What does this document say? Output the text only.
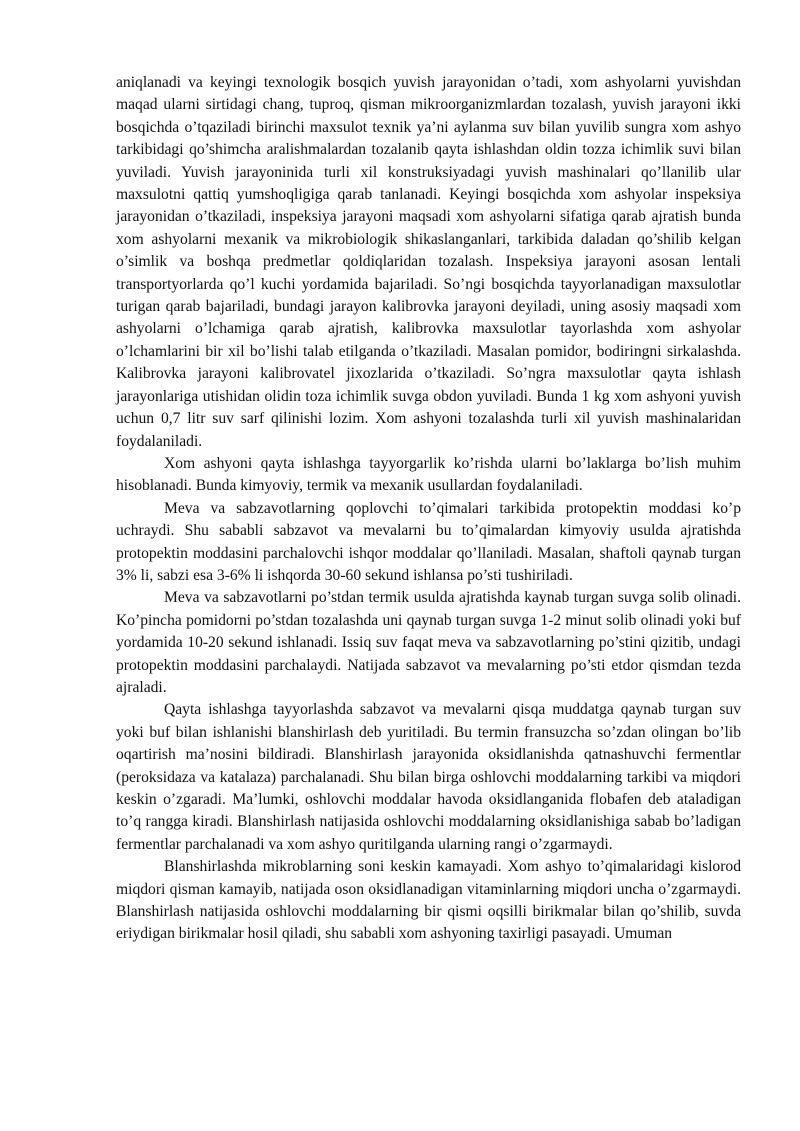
aniqlanadi va keyingi texnologik bosqich yuvish jarayonidan o’tadi, xom ashyolarni yuvishdan maqad ularni sirtidagi chang, tuproq, qisman mikroorganizmlardan tozalash, yuvish jarayoni ikki bosqichda o’tqaziladi birinchi maxsulot texnik ya’ni aylanma suv bilan yuvilib sungra xom ashyo tarkibidagi qo’shimcha aralishmalardan tozalanib qayta ishlashdan oldin tozza ichimlik suvi bilan yuviladi. Yuvish jarayoninida turli xil konstruksiyadagi yuvish mashinalari qo’llanilib ular maxsulotni qattiq yumshoqligiga qarab tanlanadi. Keyingi bosqichda xom ashyolar inspeksiya jarayonidan o’tkaziladi, inspeksiya jarayoni maqsadi xom ashyolarni sifatiga qarab ajratish bunda xom ashyolarni mexanik va mikrobiologik shikaslanganlari, tarkibida daladan qo’shilib kelgan o’simlik va boshqa predmetlar qoldiqlaridan tozalash. Inspeksiya jarayoni asosan lentali transportyorlarda qo’l kuchi yordamida bajariladi. So’ngi bosqichda tayyorlanadigan maxsulotlar turigan qarab bajariladi, bundagi jarayon kalibrovka jarayoni deyiladi, uning asosiy maqsadi xom ashyolarni o’lchamiga qarab ajratish, kalibrovka maxsulotlar tayorlashda xom ashyolar o’lchamlarini bir xil bo’lishi talab etilganda o’tkaziladi. Masalan pomidor, bodiringni sirkalashda. Kalibrovka jarayoni kalibrovatel jixozlarida o’tkaziladi. So’ngra maxsulotlar qayta ishlash jarayonlariga utishidan olidin toza ichimlik suvga obdon yuviladi. Bunda 1 kg xom ashyoni yuvish uchun 0,7 litr suv sarf qilinishi lozim. Xom ashyoni tozalashda turli xil yuvish mashinalaridan foydalaniladi.

Xom ashyoni qayta ishlashga tayyorgarlik ko’rishda ularni bo’laklarga bo’lish muhim hisoblanadi. Bunda kimyoviy, termik va mexanik usullardan foydalaniladi.

Meva va sabzavotlarning qoplovchi to’qimalari tarkibida protopektin moddasi ko’p uchraydi. Shu sababli sabzavot va mevalarni bu to’qimalardan kimyoviy usulda ajratishda protopektin moddasini parchalovchi ishqor moddalar qo’llaniladi. Masalan, shaftoli qaynab turgan 3% li, sabzi esa 3-6% li ishqorda 30-60 sekund ishlansa po’sti tushiriladi.

Meva va sabzavotlarni po’stdan termik usulda ajratishda kaynab turgan suvga solib olinadi. Ko’pincha pomidorni po’stdan tozalashda uni qaynab turgan suvga 1-2 minut solib olinadi yoki buf yordamida 10-20 sekund ishlanadi. Issiq suv faqat meva va sabzavotlarning po’stini qizitib, undagi protopektin moddasini parchalaydi. Natijada sabzavot va mevalarning po’sti etdor qismdan tezda ajraladi.

Qayta ishlashga tayyorlashda sabzavot va mevalarni qisqa muddatga qaynab turgan suv yoki buf bilan ishlanishi blanshirlash deb yuritiladi. Bu termin fransuzcha so’zdan olingan bo’lib oqartirish ma’nosini bildiradi. Blanshirlash jarayonida oksidlanishda qatnashuvchi fermentlar (peroksidaza va katalaza) parchalanadi. Shu bilan birga oshlovchi moddalarning tarkibi va miqdori keskin o’zgaradi. Ma’lumki, oshlovchi moddalar havoda oksidlanganida flobafen deb ataladigan to’q rangga kiradi. Blanshirlash natijasida oshlovchi moddalarning oksidlanishiga sabab bo’ladigan fermentlar parchalanadi va xom ashyo quritilganda ularning rangi o’zgarmaydi.

Blanshirlashda mikroblarning soni keskin kamayadi. Xom ashyo to’qimalaridagi kislorod miqdori qisman kamayib, natijada oson oksidlanadigan vitaminlarning miqdori uncha o’zgarmaydi. Blanshirlash natijasida oshlovchi moddalarning bir qismi oqsilli birikmalar bilan qo’shilib, suvda eriydigan birikmalar hosil qiladi, shu sababli xom ashyoning taxirligi pasayadi. Umuman
